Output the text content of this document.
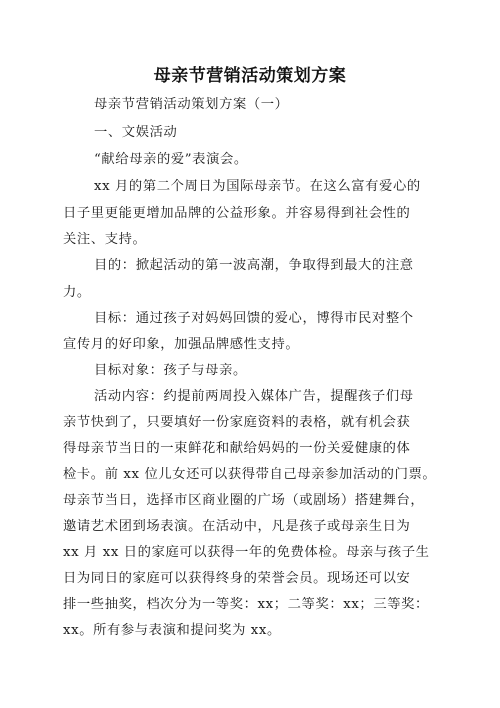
母亲节营销活动策划方案
母亲节营销活动策划方案（一）
一、文娱活动
“献给母亲的爱”表演会。
xx 月的第二个周日为国际母亲节。在这么富有爱心的
日子里更能更增加品牌的公益形象。并容易得到社会性的
关注、支持。
目的：掀起活动的第一波高潮，争取得到最大的注意
力。
目标：通过孩子对妈妈回馈的爱心，博得市民对整个
宣传月的好印象，加强品牌感性支持。
目标对象：孩子与母亲。
活动内容：约提前两周投入媒体广告，提醒孩子们母
亲节快到了，只要填好一份家庭资料的表格，就有机会获
得母亲节当日的一束鲜花和献给妈妈的一份关爱健康的体
检卡。前 xx 位儿女还可以获得带自己母亲参加活动的门票。
母亲节当日，选择市区商业圈的广场（或剧场）搭建舞台，
邀请艺术团到场表演。在活动中，凡是孩子或母亲生日为
xx 月 xx 日的家庭可以获得一年的免费体检。母亲与孩子生
日为同日的家庭可以获得终身的荣誉会员。现场还可以安
排一些抽奖，档次分为一等奖：xx；二等奖：xx；三等奖：
xx。所有参与表演和提问奖为 xx。
